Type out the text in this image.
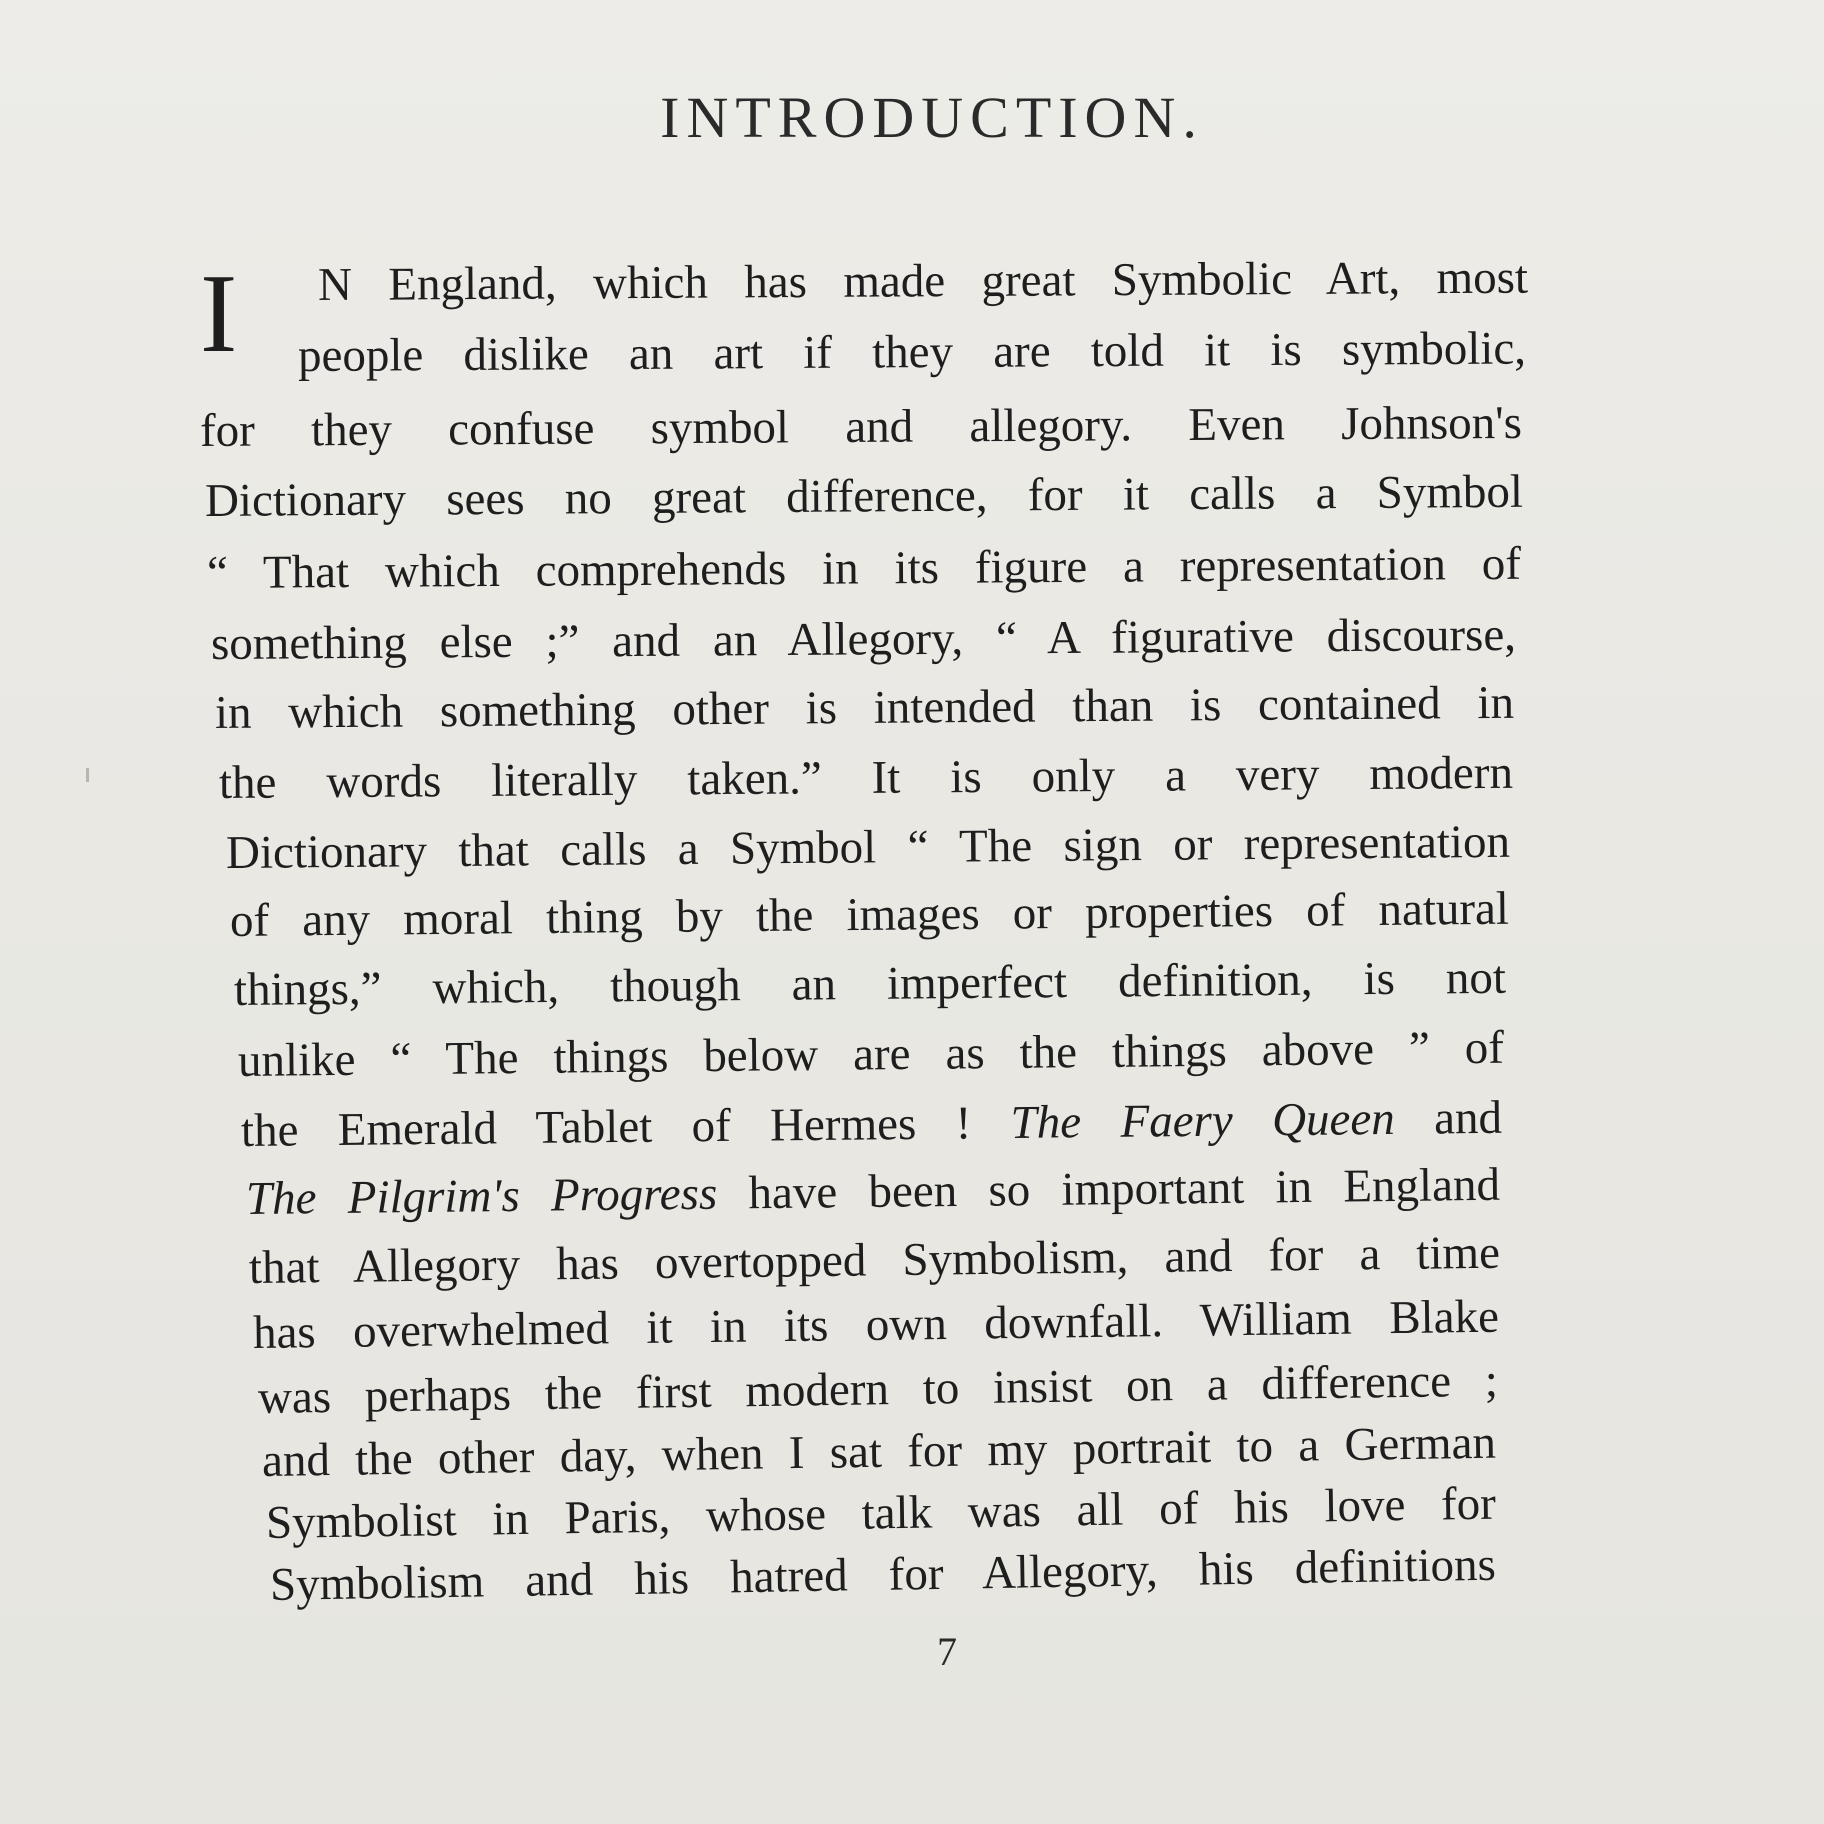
INTRODUCTION.
I N England, which has made great Symbolic Art, most
people dislike an art if they are told it is symbolic,
for they confuse symbol and allegory. Even Johnson's
Dictionary sees no great difference, for it calls a Symbol
“ That which comprehends in its figure a representation of
something else ;” and an Allegory, “ A figurative discourse,
in which something other is intended than is contained in
the words literally taken.” It is only a very modern
Dictionary that calls a Symbol “ The sign or representation
of any moral thing by the images or properties of natural
things,” which, though an imperfect definition, is not
unlike “ The things below are as the things above ” of
the Emerald Tablet of Hermes ! The Faery Queen and
The Pilgrim's Progress have been so important in England
that Allegory has overtopped Symbolism, and for a time
has overwhelmed it in its own downfall. William Blake
was perhaps the first modern to insist on a difference ;
and the other day, when I sat for my portrait to a German
Symbolist in Paris, whose talk was all of his love for
Symbolism and his hatred for Allegory, his definitions
7
